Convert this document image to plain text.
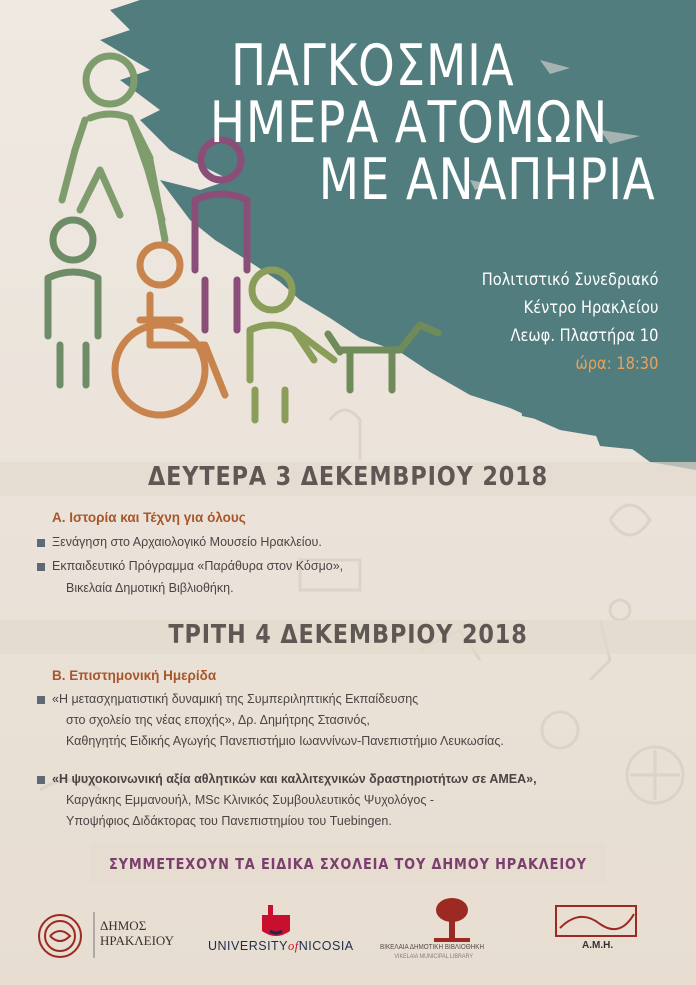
ΠΑΓΚΟΣΜΙΑ
ΗΜΕΡΑ ΑΤΟΜΩΝ
ΜΕ ΑΝΑΠΗΡΙΑ
Πολιτιστικό Συνεδριακό
Κέντρο Ηρακλείου
Λεωφ. Πλαστήρα 10
ώρα: 18:30
ΔΕΥΤΕΡΑ 3 ΔΕΚΕΜΒΡΙΟΥ 2018
Α. Ιστορία και Τέχνη για όλους
Ξενάγηση στο Αρχαιολογικό Μουσείο Ηρακλείου.
Εκπαιδευτικό Πρόγραμμα «Παράθυρα στον Κόσμο»,
Βικελαία Δημοτική Βιβλιοθήκη.
ΤΡΙΤΗ 4 ΔΕΚΕΜΒΡΙΟΥ 2018
Β. Επιστημονική Ημερίδα
«Η μετασχηματιστική δυναμική της Συμπεριληπτικής Εκπαίδευσης
στο σχολείο της νέας εποχής», Δρ. Δημήτρης Στασινός,
Καθηγητής Ειδικής Αγωγής Πανεπιστήμιο Ιωαννίνων-Πανεπιστήμιο Λευκωσίας.
«Η ψυχοκοινωνική αξία αθλητικών και καλλιτεχνικών δραστηριοτήτων σε ΑΜΕΑ»,
Καργάκης Εμμανουήλ, MSc Κλινικός Συμβουλευτικός Ψυχολόγος -
Υποψήφιος Διδάκτορας του Πανεπιστημίου του Tuebingen.
ΣΥΜΜΕΤΕΧΟΥΝ ΤΑ ΕΙΔΙΚΑ ΣΧΟΛΕΙΑ ΤΟΥ ΔΗΜΟΥ ΗΡΑΚΛΕΙΟΥ
ΔΗΜΟΣ
ΗΡΑΚΛΕΙΟΥ	UNIVERSITYofNICOSIA	ΒΙΚΕΛΑΙΑ ΔΗΜΟΤΙΚΗ ΒΙΒΛΙΟΘΗΚΗ
VIKELAIA MUNICIPAL LIBRARY
Α.Μ.Η.
